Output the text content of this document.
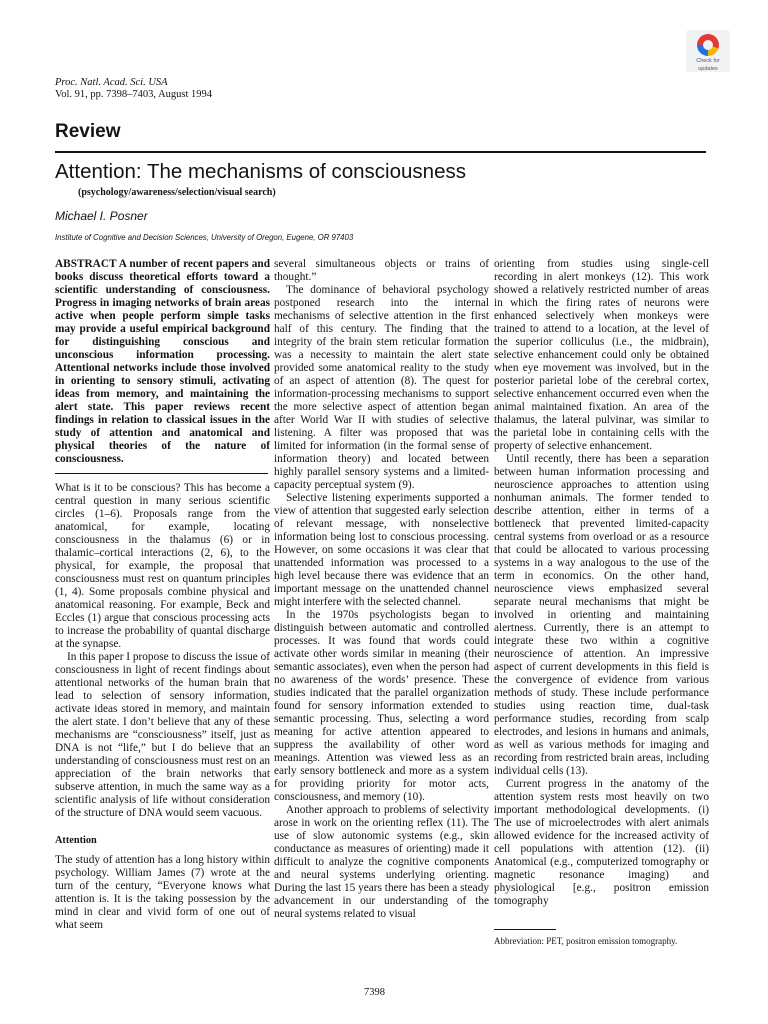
Proc. Natl. Acad. Sci. USA
Vol. 91, pp. 7398–7403, August 1994
Check for
updates
Review
Attention: The mechanisms of consciousness
(psychology/awareness/selection/visual search)
Michael I. Posner
Institute of Cognitive and Decision Sciences, University of Oregon, Eugene, OR 97403

ABSTRACT A number of recent papers and books discuss theoretical efforts toward a scientific understanding of consciousness. Progress in imaging networks of brain areas active when people perform simple tasks may provide a useful empirical background for distinguishing conscious and unconscious information processing. Attentional networks include those involved in orienting to sensory stimuli, activating ideas from memory, and maintaining the alert state. This paper reviews recent findings in relation to classical issues in the study of attention and anatomical and physical theories of the nature of consciousness.

What is it to be conscious? This has become a central question in many serious scientific circles (1–6). Proposals range from the anatomical, for example, locating consciousness in the thalamus (6) or in thalamic–cortical interactions (2, 6), to the physical, for example, the proposal that consciousness must rest on quantum principles (1, 4). Some proposals combine physical and anatomical reasoning. For example, Beck and Eccles (1) argue that conscious processing acts to increase the probability of quantal discharge at the synapse.

In this paper I propose to discuss the issue of consciousness in light of recent findings about attentional networks of the human brain that lead to selection of sensory information, activate ideas stored in memory, and maintain the alert state. I don’t believe that any of these mechanisms are “consciousness” itself, just as DNA is not “life,” but I do believe that an understanding of consciousness must rest on an appreciation of the brain networks that subserve attention, in much the same way as a scientific analysis of life without consideration of the structure of DNA would seem vacuous.

Attention

The study of attention has a long history within psychology. William James (7) wrote at the turn of the century, “Everyone knows what attention is. It is the taking possession by the mind in clear and vivid form of one out of what seem

several simultaneous objects or trains of thought.”

The dominance of behavioral psychology postponed research into the internal mechanisms of selective attention in the first half of this century. The finding that the integrity of the brain stem reticular formation was a necessity to maintain the alert state provided some anatomical reality to the study of an aspect of attention (8). The quest for information-processing mechanisms to support the more selective aspect of attention began after World War II with studies of selective listening. A filter was proposed that was limited for information (in the formal sense of information theory) and located between highly parallel sensory systems and a limited-capacity perceptual system (9).

Selective listening experiments supported a view of attention that suggested early selection of relevant message, with nonselective information being lost to conscious processing. However, on some occasions it was clear that unattended information was processed to a high level because there was evidence that an important message on the unattended channel might interfere with the selected channel.

In the 1970s psychologists began to distinguish between automatic and controlled processes. It was found that words could activate other words similar in meaning (their semantic associates), even when the person had no awareness of the words’ presence. These studies indicated that the parallel organization found for sensory information extended to semantic processing. Thus, selecting a word meaning for active attention appeared to suppress the availability of other word meanings. Attention was viewed less as an early sensory bottleneck and more as a system for providing priority for motor acts, consciousness, and memory (10).

Another approach to problems of selectivity arose in work on the orienting reflex (11). The use of slow autonomic systems (e.g., skin conductance as measures of orienting) made it difficult to analyze the cognitive components and neural systems underlying orienting. During the last 15 years there has been a steady advancement in our understanding of the neural systems related to visual

orienting from studies using single-cell recording in alert monkeys (12). This work showed a relatively restricted number of areas in which the firing rates of neurons were enhanced selectively when monkeys were trained to attend to a location, at the level of the superior colliculus (i.e., the midbrain), selective enhancement could only be obtained when eye movement was involved, but in the posterior parietal lobe of the cerebral cortex, selective enhancement occurred even when the animal maintained fixation. An area of the thalamus, the lateral pulvinar, was similar to the parietal lobe in containing cells with the property of selective enhancement.

Until recently, there has been a separation between human information processing and neuroscience approaches to attention using nonhuman animals. The former tended to describe attention, either in terms of a bottleneck that prevented limited-capacity central systems from overload or as a resource that could be allocated to various processing systems in a way analogous to the use of the term in economics. On the other hand, neuroscience views emphasized several separate neural mechanisms that might be involved in orienting and maintaining alertness. Currently, there is an attempt to integrate these two within a cognitive neuroscience of attention. An impressive aspect of current developments in this field is the convergence of evidence from various methods of study. These include performance studies using reaction time, dual-task performance studies, recording from scalp electrodes, and lesions in humans and animals, as well as various methods for imaging and recording from restricted brain areas, including individual cells (13).

Current progress in the anatomy of the attention system rests most heavily on two important methodological developments. (i) The use of microelectrodes with alert animals allowed evidence for the increased activity of cell populations with attention (12). (ii) Anatomical (e.g., computerized tomography or magnetic resonance imaging) and physiological [e.g., positron emission tomography

Abbreviation: PET, positron emission tomography.
7398
